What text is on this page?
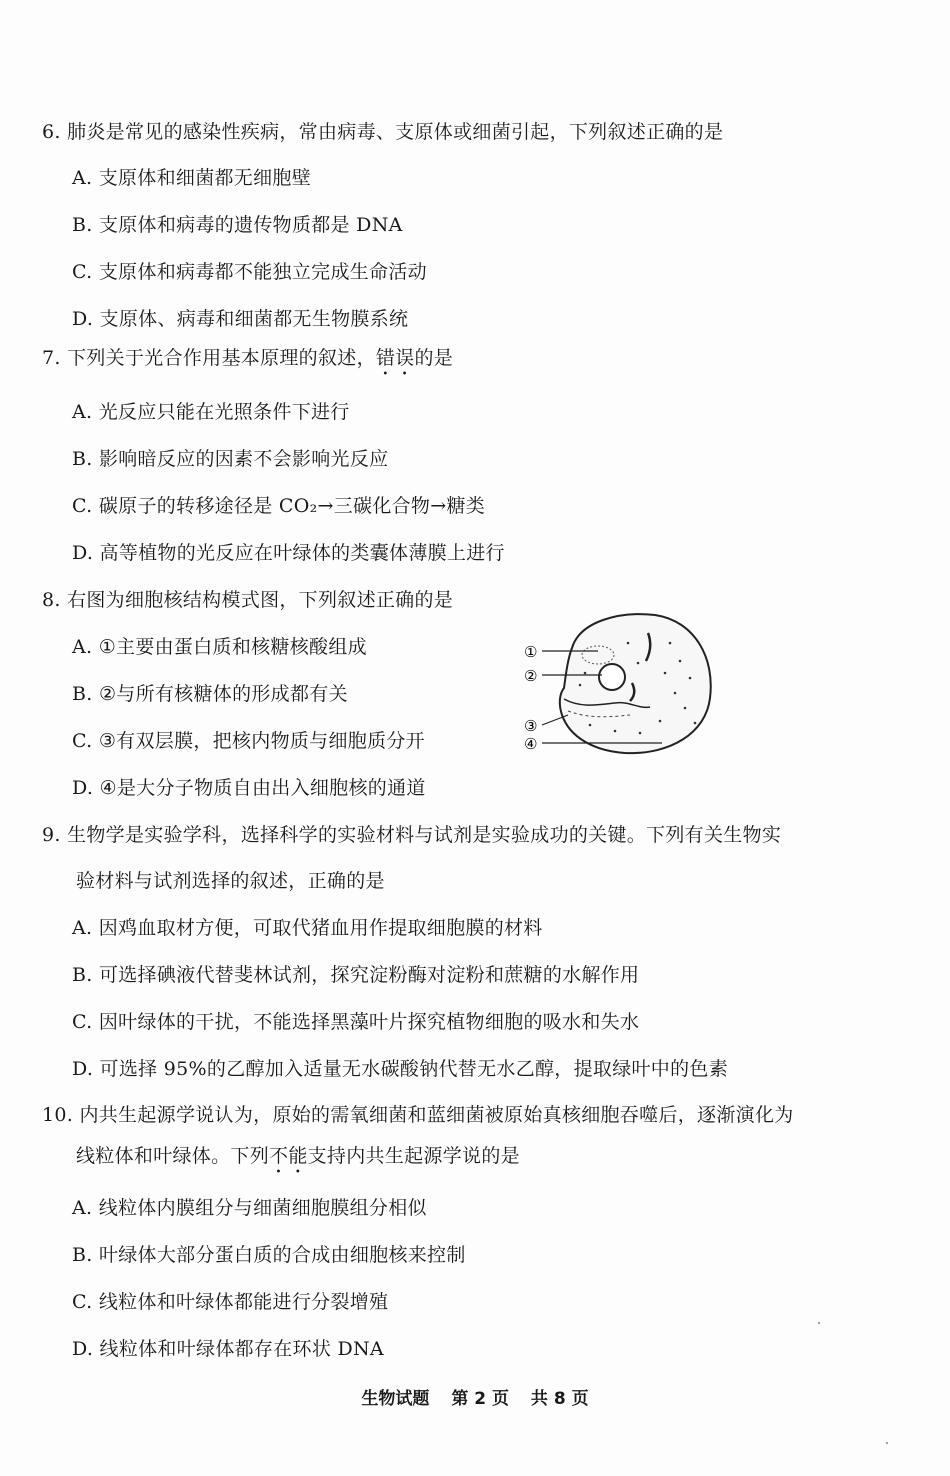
6. 肺炎是常见的感染性疾病，常由病毒、支原体或细菌引起，下列叙述正确的是
A. 支原体和细菌都无细胞壁
B. 支原体和病毒的遗传物质都是 DNA
C. 支原体和病毒都不能独立完成生命活动
D. 支原体、病毒和细菌都无生物膜系统
7. 下列关于光合作用基本原理的叙述，错误的是
A. 光反应只能在光照条件下进行
B. 影响暗反应的因素不会影响光反应
C. 碳原子的转移途径是 CO₂→三碳化合物→糖类
D. 高等植物的光反应在叶绿体的类囊体薄膜上进行
8. 右图为细胞核结构模式图，下列叙述正确的是
A. ①主要由蛋白质和核糖核酸组成
B. ②与所有核糖体的形成都有关
C. ③有双层膜，把核内物质与细胞质分开
D. ④是大分子物质自由出入细胞核的通道
①
②
③
④
9. 生物学是实验学科，选择科学的实验材料与试剂是实验成功的关键。下列有关生物实
验材料与试剂选择的叙述，正确的是
A. 因鸡血取材方便，可取代猪血用作提取细胞膜的材料
B. 可选择碘液代替斐林试剂，探究淀粉酶对淀粉和蔗糖的水解作用
C. 因叶绿体的干扰，不能选择黑藻叶片探究植物细胞的吸水和失水
D. 可选择 95%的乙醇加入适量无水碳酸钠代替无水乙醇，提取绿叶中的色素
10. 内共生起源学说认为，原始的需氧细菌和蓝细菌被原始真核细胞吞噬后，逐渐演化为
线粒体和叶绿体。下列不能支持内共生起源学说的是
A. 线粒体内膜组分与细菌细胞膜组分相似
B. 叶绿体大部分蛋白质的合成由细胞核来控制
C. 线粒体和叶绿体都能进行分裂增殖
D. 线粒体和叶绿体都存在环状 DNA
生物试题 第 2 页 共 8 页
